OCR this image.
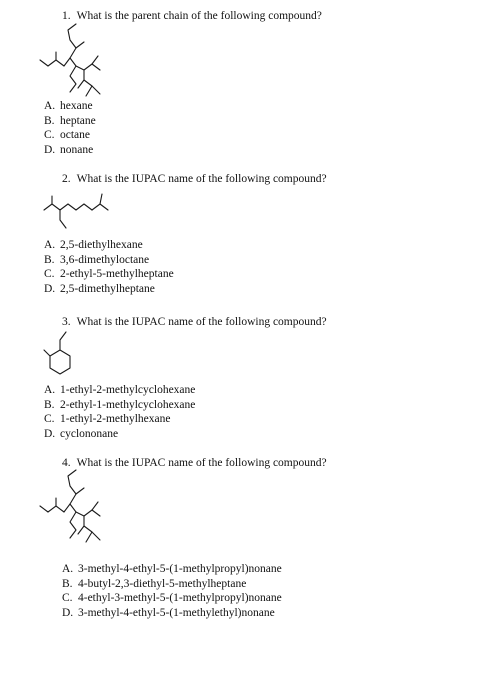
1. What is the parent chain of the following compound?
A. hexane
B. heptane
C. octane
D. nonane
2. What is the IUPAC name of the following compound?
A. 2,5-diethylhexane
B. 3,6-dimethyloctane
C. 2-ethyl-5-methylheptane
D. 2,5-dimethylheptane
3. What is the IUPAC name of the following compound?
A. 1-ethyl-2-methylcyclohexane
B. 2-ethyl-1-methylcyclohexane
C. 1-ethyl-2-methylhexane
D. cyclononane
4. What is the IUPAC name of the following compound?
A. 3-methyl-4-ethyl-5-(1-methylpropyl)nonane
B. 4-butyl-2,3-diethyl-5-methylheptane
C. 4-ethyl-3-methyl-5-(1-methylpropyl)nonane
D. 3-methyl-4-ethyl-5-(1-methylethyl)nonane
